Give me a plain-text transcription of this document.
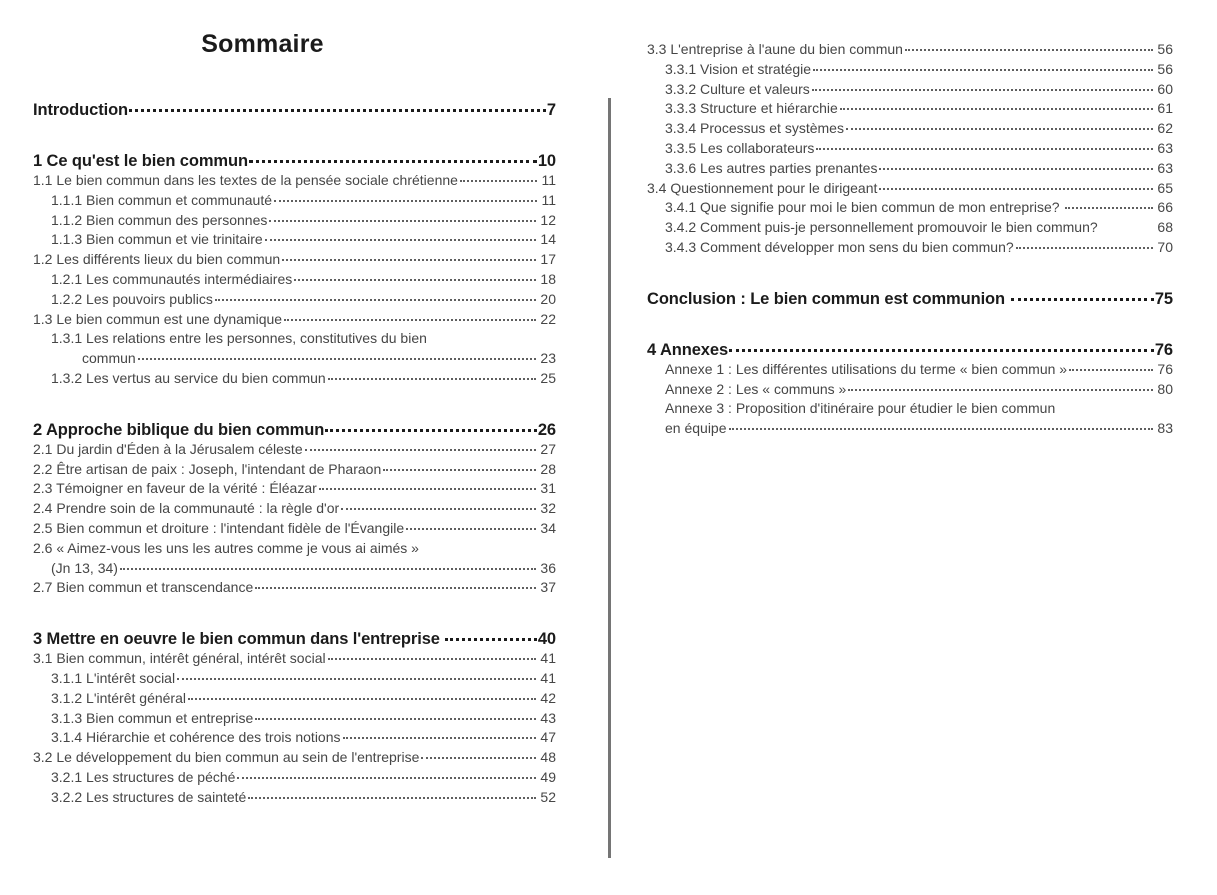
Sommaire
Introduction	7
1 Ce qu'est le bien commun	10
1.1 Le bien commun dans les textes de la pensée sociale chrétienne	11
1.1.1 Bien commun et communauté	11
1.1.2 Bien commun des personnes	12
1.1.3 Bien commun et vie trinitaire	14
1.2 Les différents lieux du bien commun	17
1.2.1 Les communautés intermédiaires	18
1.2.2 Les pouvoirs publics	20
1.3 Le bien commun est une dynamique	22
1.3.1 Les relations entre les personnes, constitutives du bien
commun	23
1.3.2 Les vertus au service du bien commun	25
2 Approche biblique du bien commun	26
2.1 Du jardin d'Éden à la Jérusalem céleste	27
2.2 Être artisan de paix : Joseph, l'intendant de Pharaon	28
2.3 Témoigner en faveur de la vérité : Éléazar	31
2.4 Prendre soin de la communauté : la règle d'or	32
2.5 Bien commun et droiture : l'intendant fidèle de l'Évangile	34
2.6 « Aimez-vous les uns les autres comme je vous ai aimés »
(Jn 13, 34)	36
2.7 Bien commun et transcendance	37
3 Mettre en oeuvre le bien commun dans l'entreprise	40
3.1 Bien commun, intérêt général, intérêt social	41
3.1.1 L'intérêt social	41
3.1.2 L'intérêt général	42
3.1.3 Bien commun et entreprise	43
3.1.4 Hiérarchie et cohérence des trois notions	47
3.2 Le développement du bien commun au sein de l'entreprise	48
3.2.1 Les structures de péché	49
3.2.2 Les structures de sainteté	52
3.3 L'entreprise à l'aune du bien commun	56
3.3.1 Vision et stratégie	56
3.3.2 Culture et valeurs	60
3.3.3 Structure et hiérarchie	61
3.3.4 Processus et systèmes	62
3.3.5 Les collaborateurs	63
3.3.6 Les autres parties prenantes	63
3.4 Questionnement pour le dirigeant	65
3.4.1 Que signifie pour moi le bien commun de mon entreprise?	66
3.4.2 Comment puis-je personnellement promouvoir le bien commun?	68
3.4.3 Comment développer mon sens du bien commun?	70
Conclusion : Le bien commun est communion	75
4 Annexes	76
Annexe 1 : Les différentes utilisations du terme « bien commun »	76
Annexe 2 : Les « communs »	80
Annexe 3 : Proposition d'itinéraire pour étudier le bien commun
en équipe	83
